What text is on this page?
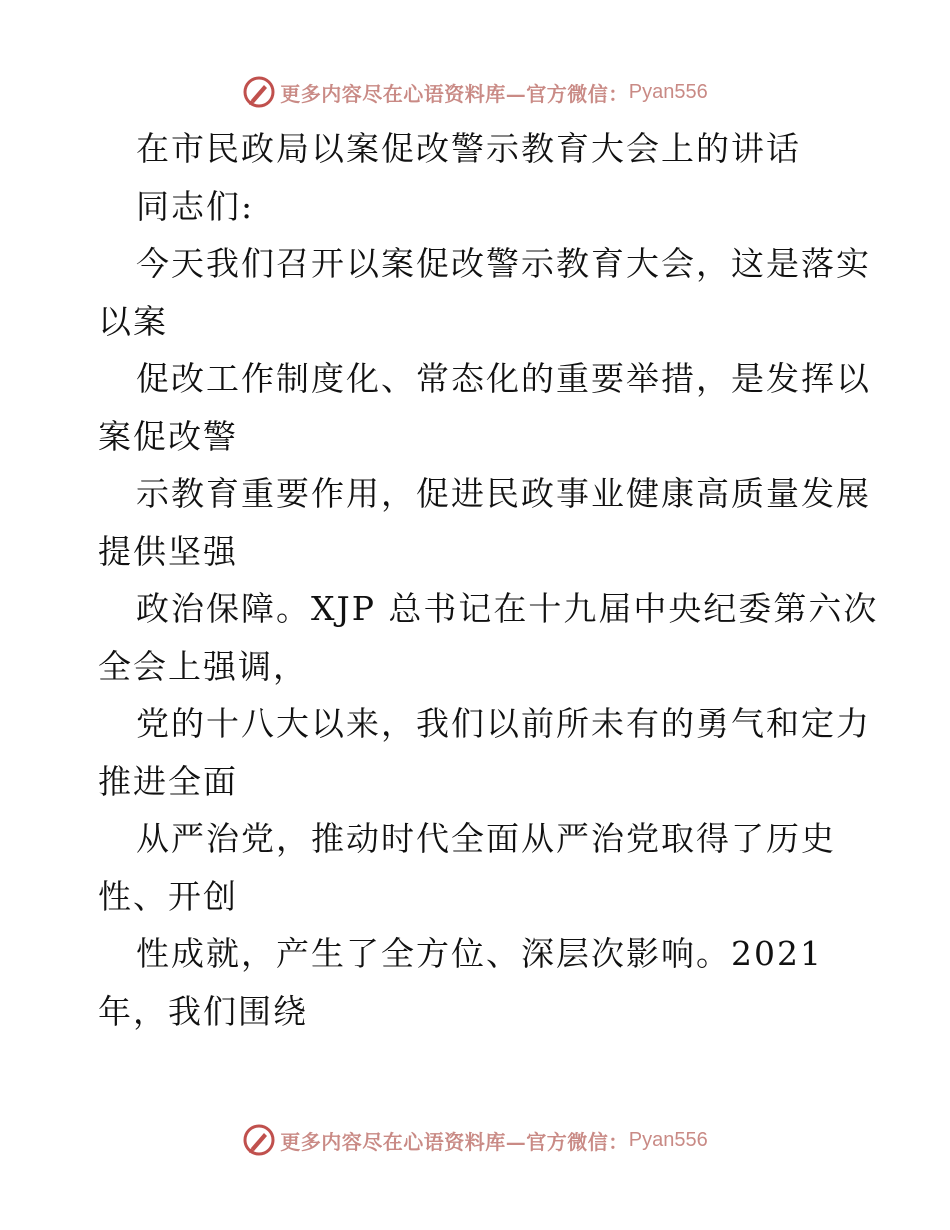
更多内容尽在心语资料库—官方微信： Pyan556
在市民政局以案促改警示教育大会上的讲话
同志们:
今天我们召开以案促改警示教育大会，这是落实
以案
促改工作制度化、常态化的重要举措，是发挥以
案促改警
示教育重要作用，促进民政事业健康高质量发展
提供坚强
政治保障。XJP 总书记在十九届中央纪委第六次
全会上强调，
党的十八大以来，我们以前所未有的勇气和定力
推进全面
从严治党，推动时代全面从严治党取得了历史
性、开创
性成就，产生了全方位、深层次影响。2021
年，我们围绕
更多内容尽在心语资料库—官方微信： Pyan556
